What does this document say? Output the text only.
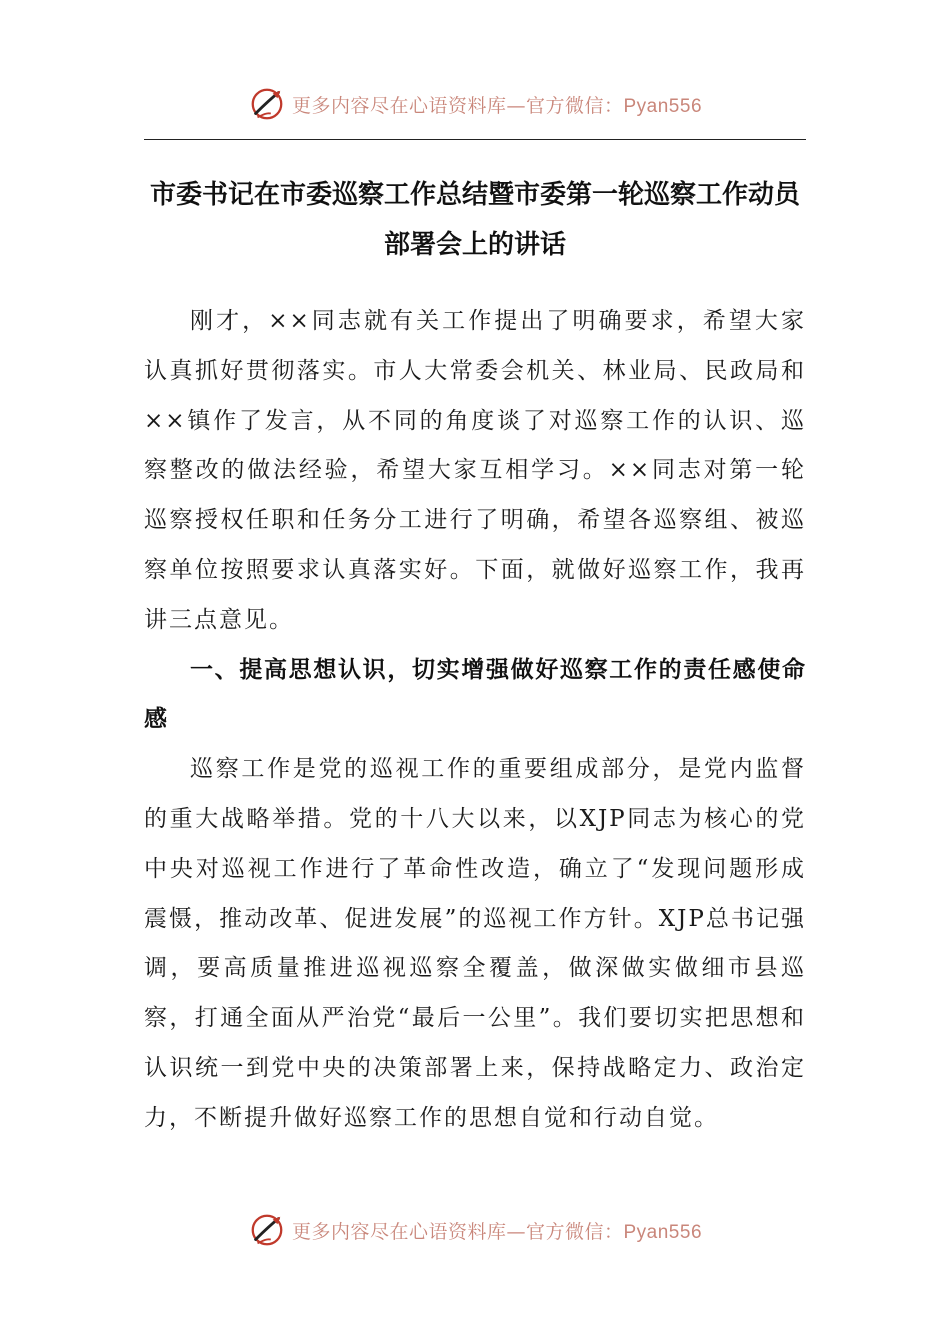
更多内容尽在心语资料库—官方微信：Pyan556
市委书记在市委巡察工作总结暨市委第一轮巡察工作动员
部署会上的讲话

刚才，××同志就有关工作提出了明确要求，希望大家认真抓好贯彻落实。市人大常委会机关、林业局、民政局和××镇作了发言，从不同的角度谈了对巡察工作的认识、巡察整改的做法经验，希望大家互相学习。××同志对第一轮巡察授权任职和任务分工进行了明确，希望各巡察组、被巡察单位按照要求认真落实好。下面，就做好巡察工作，我再讲三点意见。

一、提高思想认识，切实增强做好巡察工作的责任感使命感

巡察工作是党的巡视工作的重要组成部分，是党内监督的重大战略举措。党的十八大以来，以XJP同志为核心的党中央对巡视工作进行了革命性改造，确立了“发现问题形成震慑，推动改革、促进发展”的巡视工作方针。XJP总书记强调，要高质量推进巡视巡察全覆盖，做深做实做细市县巡察，打通全面从严治党“最后一公里”。我们要切实把思想和认识统一到党中央的决策部署上来，保持战略定力、政治定力，不断提升做好巡察工作的思想自觉和行动自觉。

更多内容尽在心语资料库—官方微信：Pyan556
